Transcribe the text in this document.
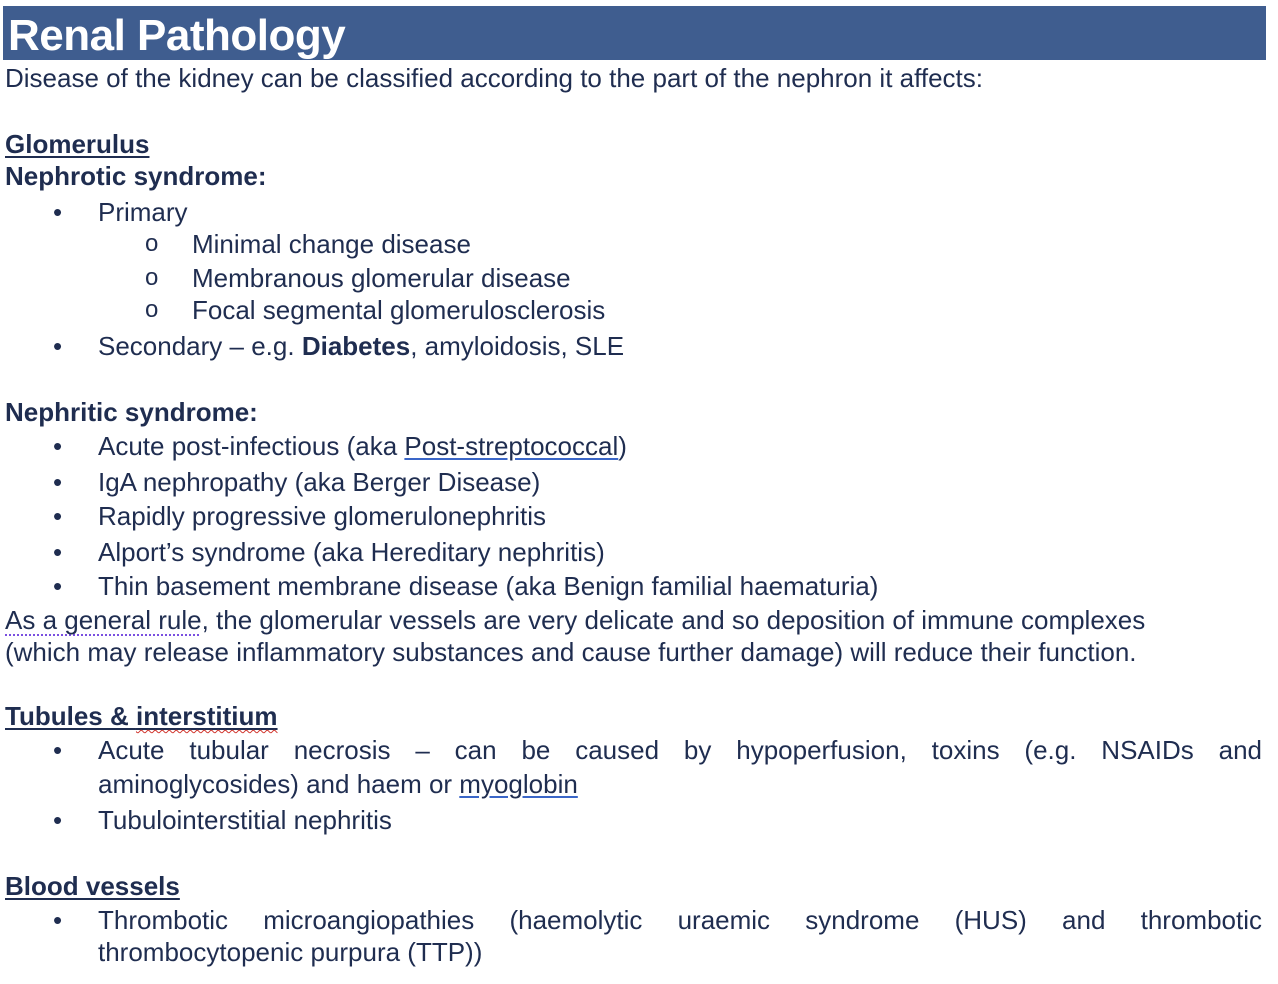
Renal Pathology
Disease of the kidney can be classified according to the part of the nephron it affects:
Glomerulus
Nephrotic syndrome:
• Primary
o Minimal change disease
o Membranous glomerular disease
o Focal segmental glomerulosclerosis
• Secondary – e.g. Diabetes, amyloidosis, SLE
Nephritic syndrome:
• Acute post-infectious (aka Post-streptococcal)
• IgA nephropathy (aka Berger Disease)
• Rapidly progressive glomerulonephritis
• Alport’s syndrome (aka Hereditary nephritis)
• Thin basement membrane disease (aka Benign familial haematuria)
As a general rule, the glomerular vessels are very delicate and so deposition of immune complexes
(which may release inflammatory substances and cause further damage) will reduce their function.
Tubules & interstitium
• Acute tubular necrosis – can be caused by hypoperfusion, toxins (e.g. NSAIDs and
aminoglycosides) and haem or myoglobin
• Tubulointerstitial nephritis
Blood vessels
• Thrombotic microangiopathies (haemolytic uraemic syndrome (HUS) and thrombotic
thrombocytopenic purpura (TTP))
